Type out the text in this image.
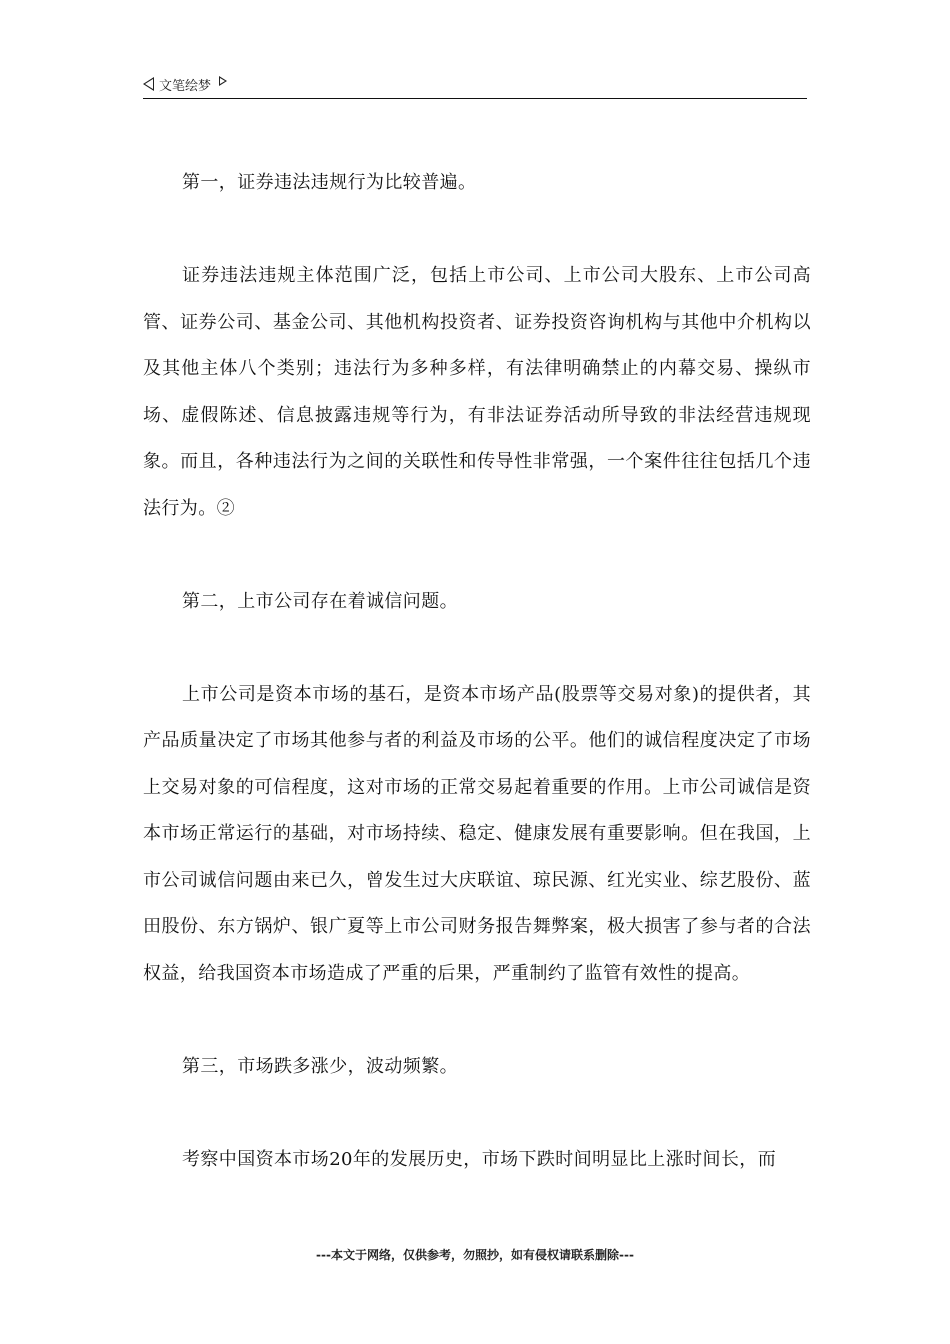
文笔绘梦

第一，证券违法违规行为比较普遍。

证券违法违规主体范围广泛，包括上市公司、上市公司大股东、上市公司高管、证券公司、基金公司、其他机构投资者、证券投资咨询机构与其他中介机构以及其他主体八个类别；违法行为多种多样，有法律明确禁止的内幕交易、操纵市场、虚假陈述、信息披露违规等行为，有非法证券活动所导致的非法经营违规现象。而且，各种违法行为之间的关联性和传导性非常强，一个案件往往包括几个违法行为。②

第二，上市公司存在着诚信问题。

上市公司是资本市场的基石，是资本市场产品(股票等交易对象)的提供者，其产品质量决定了市场其他参与者的利益及市场的公平。他们的诚信程度决定了市场上交易对象的可信程度，这对市场的正常交易起着重要的作用。上市公司诚信是资本市场正常运行的基础，对市场持续、稳定、健康发展有重要影响。但在我国，上市公司诚信问题由来已久，曾发生过大庆联谊、琼民源、红光实业、综艺股份、蓝田股份、东方锅炉、银广夏等上市公司财务报告舞弊案，极大损害了参与者的合法权益，给我国资本市场造成了严重的后果，严重制约了监管有效性的提高。

第三，市场跌多涨少，波动频繁。

考察中国资本市场20年的发展历史，市场下跌时间明显比上涨时间长，而

---本文于网络，仅供参考，勿照抄，如有侵权请联系删除---
